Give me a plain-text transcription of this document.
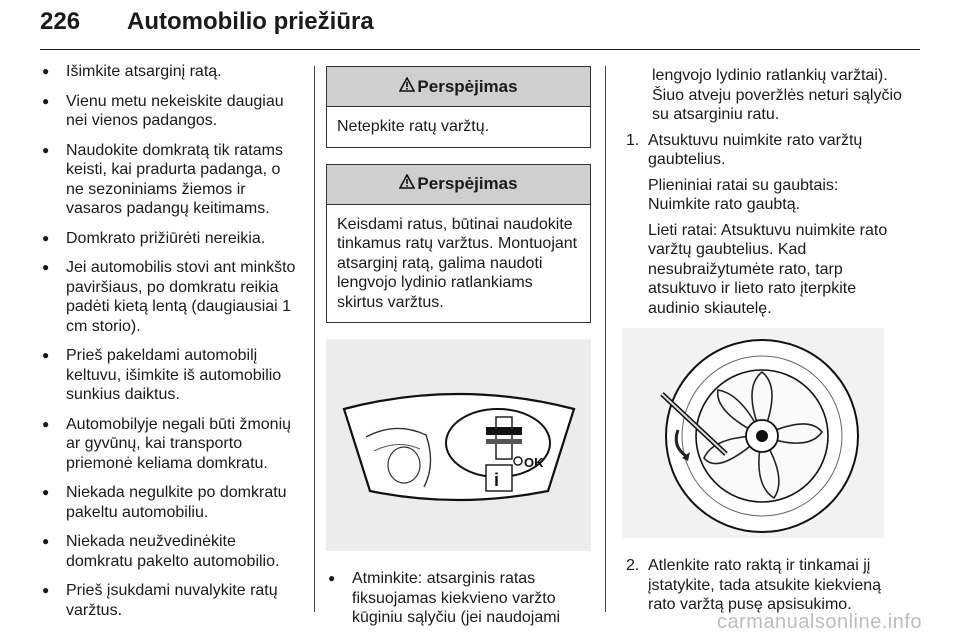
226 Automobilio priežiūra
● Išimkite atsarginį ratą.
● Vienu metu nekeiskite daugiau nei vienos padangos.
● Naudokite domkratą tik ratams keisti, kai pradurta padanga, o ne sezoniniams žiemos ir vasaros padangų keitimams.
● Domkrato prižiūrėti nereikia.
● Jei automobilis stovi ant minkšto paviršiaus, po domkratu reikia padėti kietą lentą (daugiausiai 1 cm storio).
● Prieš pakeldami automobilį keltuvu, išimkite iš automobilio sunkius daiktus.
● Automobilyje negali būti žmonių ar gyvūnų, kai transporto priemonė keliama domkratu.
● Niekada negulkite po domkratu pakeltu automobiliu.
● Niekada neužvedinėkite domkratu pakelto automobilio.
● Prieš įsukdami nuvalykite ratų varžtus.
Perspėjimas
Netepkite ratų varžtų.
Perspėjimas
Keisdami ratus, būtinai naudokite tinkamus ratų varžtus. Montuojant atsarginį ratą, galima naudoti lengvojo lydinio ratlankiams skirtus varžtus.
OK
i
● Atminkite: atsarginis ratas fiksuojamas kiekvieno varžto kūginiu sąlyčiu (jei naudojami
lengvojo lydinio ratlankių varžtai). Šiuo atveju poveržlės neturi sąlyčio su atsarginiu ratu.
1. Atsuktuvu nuimkite rato varžtų gaubtelius.
Plieniniai ratai su gaubtais: Nuimkite rato gaubtą.
Lieti ratai: Atsuktuvu nuimkite rato varžtų gaubtelius. Kad nesubraižytumėte rato, tarp atsuktuvo ir lieto rato įterpkite audinio skiautelę.
2. Atlenkite rato raktą ir tinkamai jį įstatykite, tada atsukite kiekvieną rato varžtą pusę apsisukimo.
carmanualsonline.info
